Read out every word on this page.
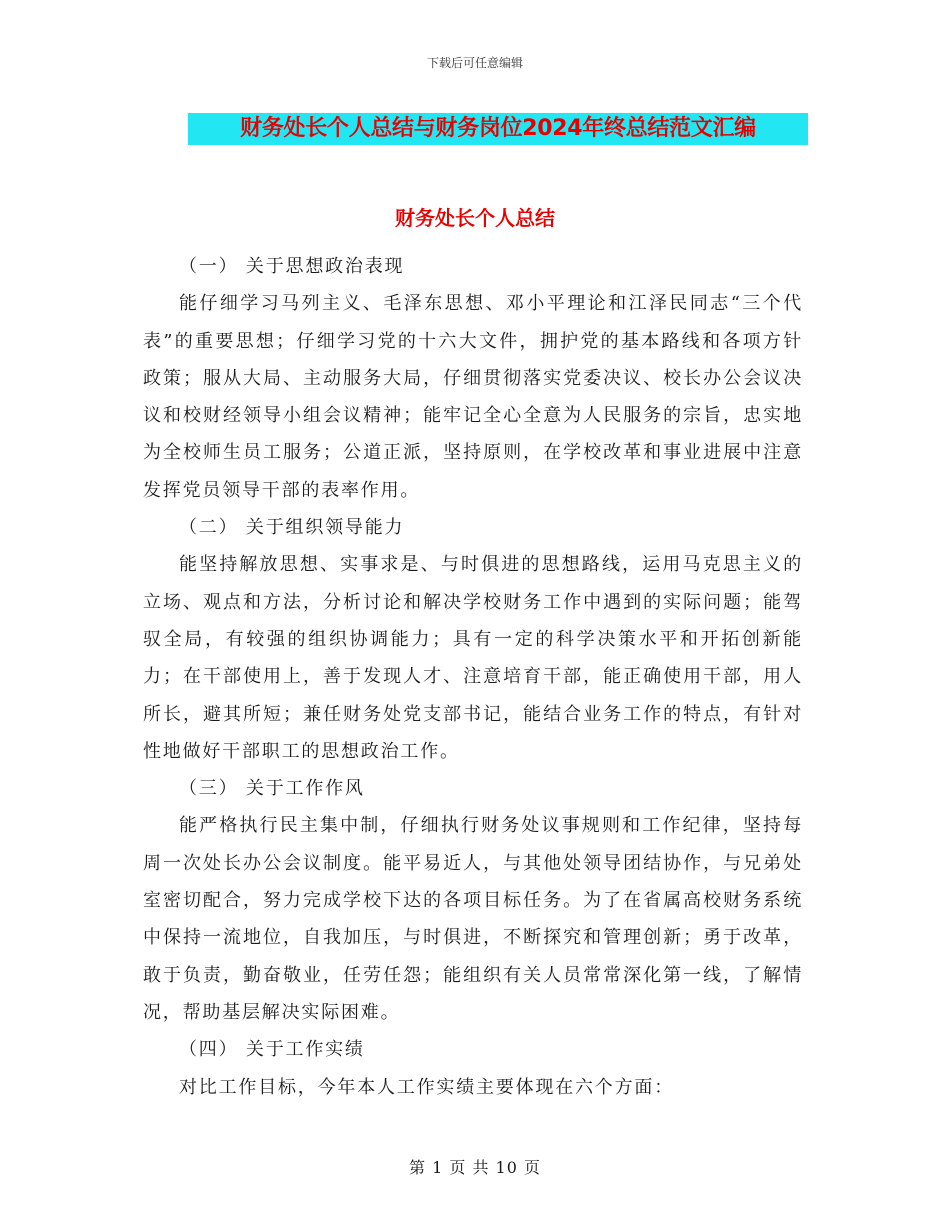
下载后可任意编辑
财务处长个人总结与财务岗位2024年终总结范文汇编
财务处长个人总结

（一） 关于思想政治表现

能仔细学习马列主义、毛泽东思想、邓小平理论和江泽民同志“三个代表”的重要思想；仔细学习党的十六大文件，拥护党的基本路线和各项方针政策；服从大局、主动服务大局，仔细贯彻落实党委决议、校长办公会议决议和校财经领导小组会议精神；能牢记全心全意为人民服务的宗旨，忠实地为全校师生员工服务；公道正派，坚持原则，在学校改革和事业进展中注意发挥党员领导干部的表率作用。

（二） 关于组织领导能力

能坚持解放思想、实事求是、与时俱进的思想路线，运用马克思主义的立场、观点和方法，分析讨论和解决学校财务工作中遇到的实际问题；能驾驭全局，有较强的组织协调能力；具有一定的科学决策水平和开拓创新能力；在干部使用上，善于发现人才、注意培育干部，能正确使用干部，用人所长，避其所短；兼任财务处党支部书记，能结合业务工作的特点，有针对性地做好干部职工的思想政治工作。

（三） 关于工作作风

能严格执行民主集中制，仔细执行财务处议事规则和工作纪律，坚持每周一次处长办公会议制度。能平易近人，与其他处领导团结协作，与兄弟处室密切配合，努力完成学校下达的各项目标任务。为了在省属高校财务系统中保持一流地位，自我加压，与时俱进，不断探究和管理创新；勇于改革，敢于负责，勤奋敬业，任劳任怨；能组织有关人员常常深化第一线，了解情况，帮助基层解决实际困难。

（四） 关于工作实绩

对比工作目标，今年本人工作实绩主要体现在六个方面：

第 1 页 共 10 页
